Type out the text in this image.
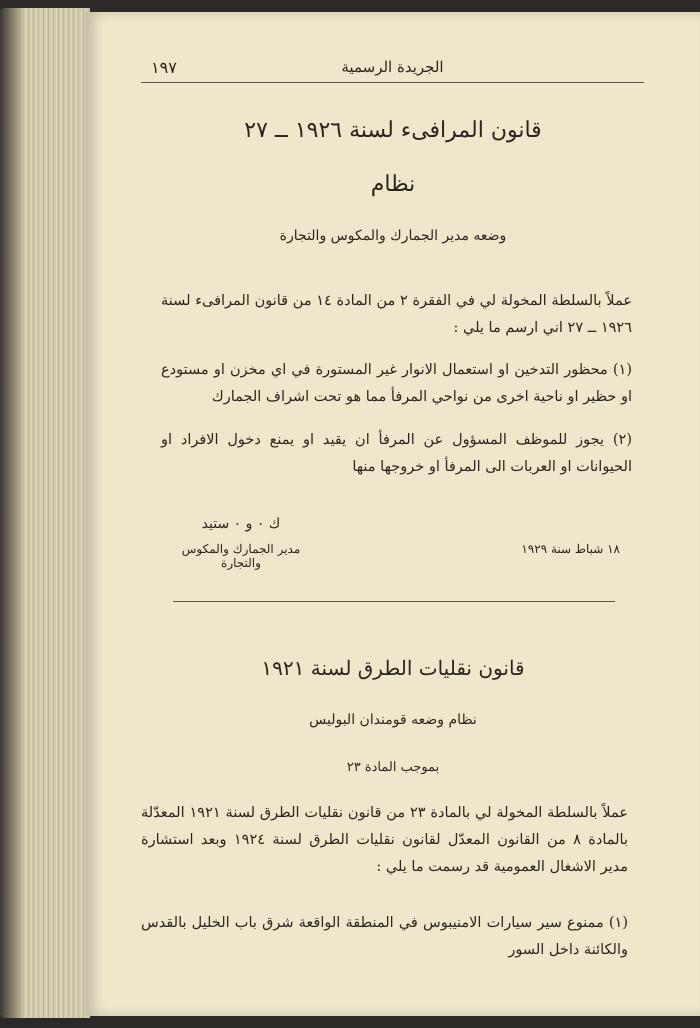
١٩٧	الجريدة الرسمية
قانون المرافىء لسنة ١٩٢٦ ــ ٢٧
نظام
وضعه مدير الجمارك والمكوس والتجارة
عملاً بالسلطة المخولة لي في الفقرة ٢ من المادة ١٤ من قانون المرافىء لسنة ١٩٢٦ ــ ٢٧ اني ارسم ما يلي :
(١) محظور التدخين او استعمال الانوار غير المستورة في اي مخزن او مستودع او حظير او ناحية اخرى من نواحي المرفأ مما هو تحت اشراف الجمارك
(٢) يجوز للموظف المسؤول عن المرفأ ان يقيد او يمنع دخول الافراد او الحيوانات او العربات الى المرفأ او خروجها منها
ك ٠ و ٠ ستيد
مدير الجمارك والمكوس والتجارة
١٨ شباط سنة ١٩٢٩
قانون نقليات الطرق لسنة ١٩٢١
نظام وضعه قومندان البوليس
بموجب المادة ٢٣
عملاً بالسلطة المخولة لي بالمادة ٢٣ من قانون نقليات الطرق لسنة ١٩٢١ المعدّلة بالمادة ٨ من القانون المعدّل لقانون نقليات الطرق لسنة ١٩٢٤ وبعد استشارة مدير الاشغال العمومية قد رسمت ما يلي :
(١) ممنوع سير سيارات الامنيبوس في المنطقة الواقعة شرق باب الخليل بالقدس والكائنة داخل السور
